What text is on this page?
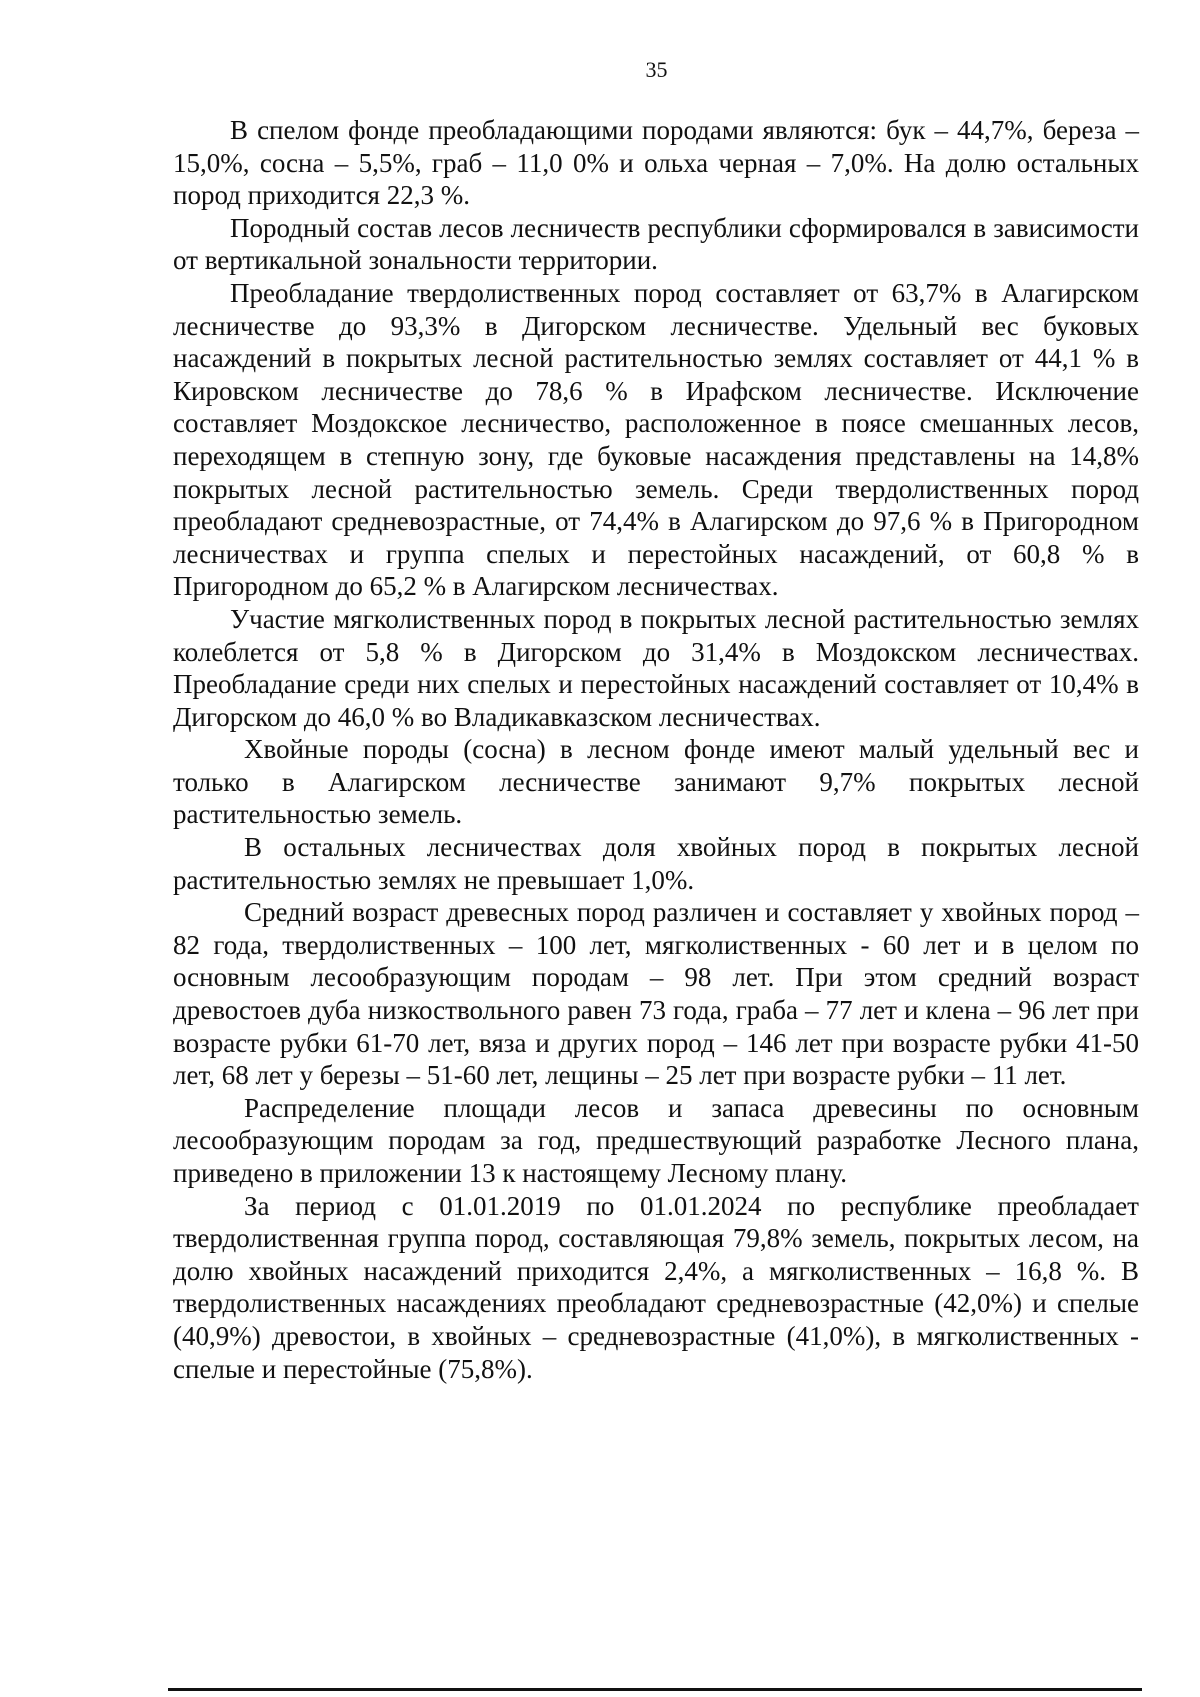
35

В спелом фонде преобладающими породами являются: бук – 44,7%, береза – 15,0%, сосна – 5,5%, граб – 11,0 0% и ольха черная – 7,0%. На долю остальных пород приходится 22,3 %.

Породный состав лесов лесничеств республики сформировался в зависимости от вертикальной зональности территории.

Преобладание твердолиственных пород составляет от 63,7% в Алагирском лесничестве до 93,3% в Дигорском лесничестве. Удельный вес буковых насаждений в покрытых лесной растительностью землях составляет от 44,1 % в Кировском лесничестве до 78,6 % в Ирафском лесничестве. Исключение составляет Моздокское лесничество, расположенное в поясе смешанных лесов, переходящем в степную зону, где буковые насаждения представлены на 14,8% покрытых лесной растительностью земель. Среди твердолиственных пород преобладают средневозрастные, от 74,4% в Алагирском до 97,6 % в Пригородном лесничествах и группа спелых и перестойных насаждений, от 60,8 % в Пригородном до 65,2 % в Алагирском лесничествах.

Участие мягколиственных пород в покрытых лесной растительностью землях колеблется от 5,8 % в Дигорском до 31,4% в Моздокском лесничествах. Преобладание среди них спелых и перестойных насаждений составляет от 10,4% в Дигорском до 46,0 % во Владикавказском лесничествах.

Хвойные породы (сосна) в лесном фонде имеют малый удельный вес и только в Алагирском лесничестве занимают 9,7% покрытых лесной растительностью земель.

В остальных лесничествах доля хвойных пород в покрытых лесной растительностью землях не превышает 1,0%.

Средний возраст древесных пород различен и составляет у хвойных пород – 82 года, твердолиственных – 100 лет, мягколиственных - 60 лет и в целом по основным лесообразующим породам – 98 лет. При этом средний возраст древостоев дуба низкоствольного равен 73 года, граба – 77 лет и клена – 96 лет при возрасте рубки 61-70 лет, вяза и других пород – 146 лет при возрасте рубки 41-50 лет, 68 лет у березы – 51-60 лет, лещины – 25 лет при возрасте рубки – 11 лет.

Распределение площади лесов и запаса древесины по основным лесообразующим породам за год, предшествующий разработке Лесного плана, приведено в приложении 13 к настоящему Лесному плану.

За период с 01.01.2019 по 01.01.2024 по республике преобладает твердолиственная группа пород, составляющая 79,8% земель, покрытых лесом, на долю хвойных насаждений приходится 2,4%, а мягколиственных – 16,8 %. В твердолиственных насаждениях преобладают средневозрастные (42,0%) и спелые (40,9%) древостои, в хвойных – средневозрастные (41,0%), в мягколиственных - спелые и перестойные (75,8%).
